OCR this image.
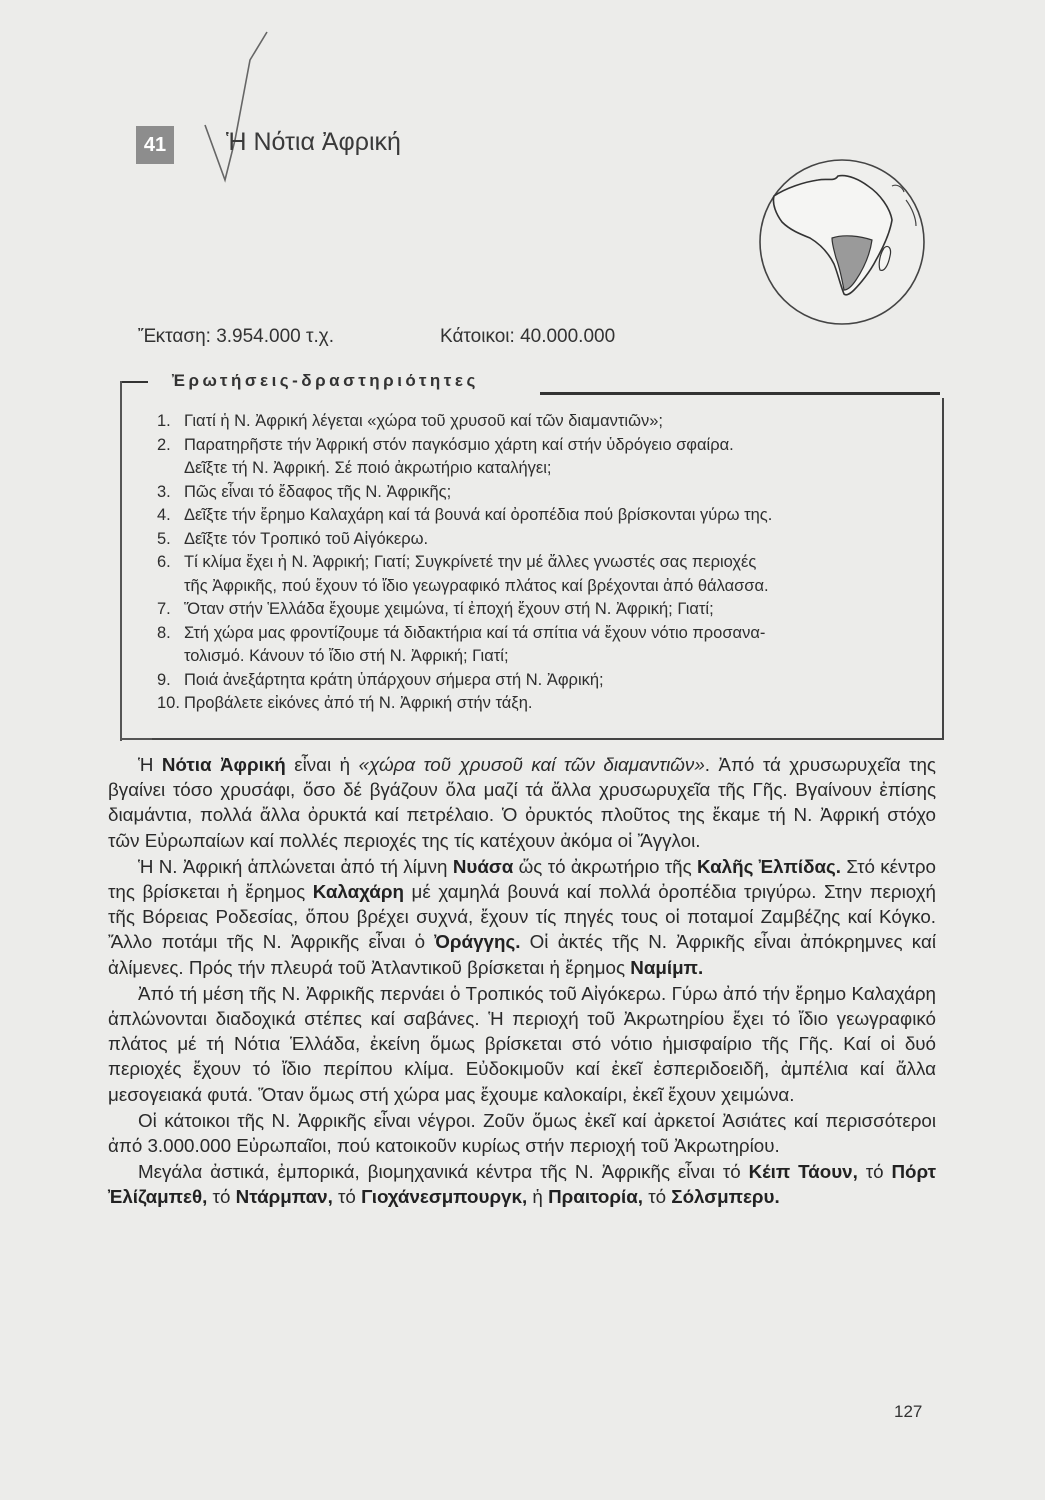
41	Ἡ Νότια Ἀφρική
Ἔκταση: 3.954.000 τ.χ.	Κάτοικοι: 40.000.000
Ἐρωτήσεις-δραστηριότητες
1. Γιατί ἡ Ν. Ἀφρική λέγεται «χώρα τοῦ χρυσοῦ καί τῶν διαμαντιῶν»;
2. Παρατηρῆστε τήν Ἀφρική στόν παγκόσμιο χάρτη καί στήν ὑδρόγειο σφαίρα.
Δεῖξτε τή Ν. Ἀφρική. Σέ ποιό ἀκρωτήριο καταλήγει;
3. Πῶς εἶναι τό ἔδαφος τῆς Ν. Ἀφρικῆς;
4. Δεῖξτε τήν ἔρημο Καλαχάρη καί τά βουνά καί ὀροπέδια πού βρίσκονται γύρω της.
5. Δεῖξτε τόν Τροπικό τοῦ Αἰγόκερω.
6. Τί κλίμα ἔχει ἡ Ν. Ἀφρική; Γιατί; Συγκρίνετέ την μέ ἄλλες γνωστές σας περιοχές
τῆς Ἀφρικῆς, πού ἔχουν τό ἴδιο γεωγραφικό πλάτος καί βρέχονται ἀπό θάλασσα.
7. Ὅταν στήν Ἑλλάδα ἔχουμε χειμώνα, τί ἐποχή ἔχουν στή Ν. Ἀφρική; Γιατί;
8. Στή χώρα μας φροντίζουμε τά διδακτήρια καί τά σπίτια νά ἔχουν νότιο προσανα-
τολισμό. Κάνουν τό ἴδιο στή Ν. Ἀφρική; Γιατί;
9. Ποιά ἀνεξάρτητα κράτη ὑπάρχουν σήμερα στή Ν. Ἀφρική;
10. Προβάλετε εἰκόνες ἀπό τή Ν. Ἀφρική στήν τάξη.

Ἡ Νότια Ἀφρική εἶναι ἡ «χώρα τοῦ χρυσοῦ καί τῶν διαμαντιῶν». Ἀπό τά χρυσωρυχεῖα της βγαίνει τόσο χρυσάφι, ὅσο δέ βγάζουν ὅλα μαζί τά ἄλλα χρυσωρυχεῖα τῆς Γῆς. Βγαίνουν ἐπίσης διαμάντια, πολλά ἄλλα ὀρυκτά καί πετρέλαιο. Ὁ ὀρυκτός πλοῦτος της ἔκαμε τή Ν. Ἀφρική στόχο τῶν Εὐρωπαίων καί πολλές περιοχές της τίς κατέχουν ἀκόμα οἱ Ἄγγλοι.

Ἡ Ν. Ἀφρική ἁπλώνεται ἀπό τή λίμνη Νυάσα ὥς τό ἀκρωτήριο τῆς Καλῆς Ἐλπίδας. Στό κέντρο της βρίσκεται ἡ ἔρημος Καλαχάρη μέ χαμηλά βουνά καί πολλά ὀροπέδια τριγύρω. Στην περιοχή τῆς Βόρειας Ροδεσίας, ὅπου βρέχει συχνά, ἔχουν τίς πηγές τους οἱ ποταμοί Ζαμβέζης καί Κόγκο. Ἄλλο ποτάμι τῆς Ν. Ἀφρικῆς εἶναι ὁ Ὀράγγης. Οἱ ἀκτές τῆς Ν. Ἀφρικῆς εἶναι ἀπόκρημνες καί ἀλίμενες. Πρός τήν πλευρά τοῦ Ἀτλαντικοῦ βρίσκεται ἡ ἔρημος Ναμίμπ.

Ἀπό τή μέση τῆς Ν. Ἀφρικῆς περνάει ὁ Τροπικός τοῦ Αἰγόκερω. Γύρω ἀπό τήν ἔρημο Καλαχάρη ἁπλώνονται διαδοχικά στέπες καί σαβάνες. Ἡ περιοχή τοῦ Ἀκρωτηρίου ἔχει τό ἴδιο γεωγραφικό πλάτος μέ τή Νότια Ἑλλάδα, ἐκείνη ὅμως βρίσκεται στό νότιο ἡμισφαίριο τῆς Γῆς. Καί οἱ δυό περιοχές ἔχουν τό ἴδιο περίπου κλίμα. Εὐδοκιμοῦν καί ἐκεῖ ἐσπεριδοειδῆ, ἀμπέλια καί ἄλλα μεσογειακά φυτά. Ὅταν ὅμως στή χώρα μας ἔχουμε καλοκαίρι, ἐκεῖ ἔχουν χειμώνα.

Οἱ κάτοικοι τῆς Ν. Ἀφρικῆς εἶναι νέγροι. Ζοῦν ὅμως ἐκεῖ καί ἀρκετοί Ἀσιάτες καί περισσότεροι ἀπό 3.000.000 Εὐρωπαῖοι, πού κατοικοῦν κυρίως στήν περιοχή τοῦ Ἀκρωτηρίου.

Μεγάλα ἀστικά, ἐμπορικά, βιομηχανικά κέντρα τῆς Ν. Ἀφρικῆς εἶναι τό Κέιπ Τάουν, τό Πόρτ Ἐλίζαμπεθ, τό Ντάρμπαν, τό Γιοχάνεσμπουργκ, ἡ Πραιτορία, τό Σόλσμπερυ.

127
